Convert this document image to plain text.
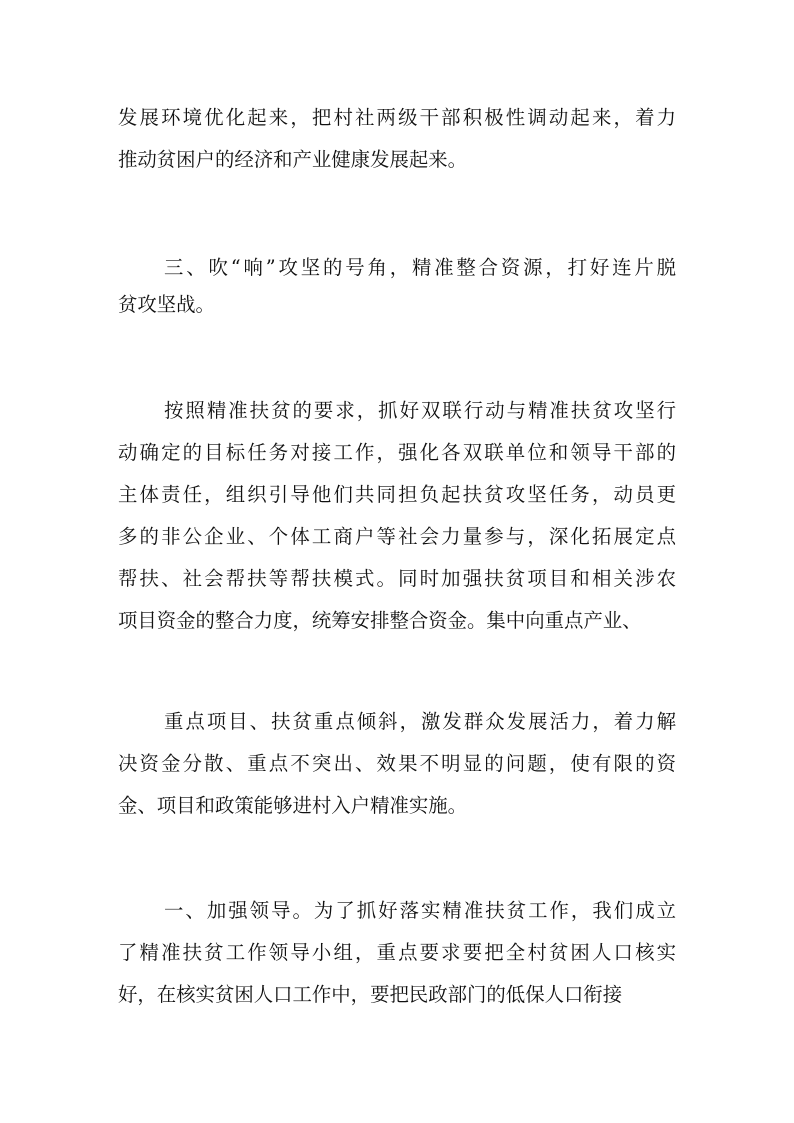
发展环境优化起来，把村社两级干部积极性调动起来，着力
推动贫困户的经济和产业健康发展起来。
三、吹“响”攻坚的号角，精准整合资源，打好连片脱
贫攻坚战。
按照精准扶贫的要求，抓好双联行动与精准扶贫攻坚行
动确定的目标任务对接工作，强化各双联单位和领导干部的
主体责任，组织引导他们共同担负起扶贫攻坚任务，动员更
多的非公企业、个体工商户等社会力量参与，深化拓展定点
帮扶、社会帮扶等帮扶模式。同时加强扶贫项目和相关涉农
项目资金的整合力度，统筹安排整合资金。集中向重点产业、
重点项目、扶贫重点倾斜，激发群众发展活力，着力解
决资金分散、重点不突出、效果不明显的问题，使有限的资
金、项目和政策能够进村入户精准实施。
一、加强领导。为了抓好落实精准扶贫工作，我们成立
了精准扶贫工作领导小组，重点要求要把全村贫困人口核实
好，在核实贫困人口工作中，要把民政部门的低保人口衔接
